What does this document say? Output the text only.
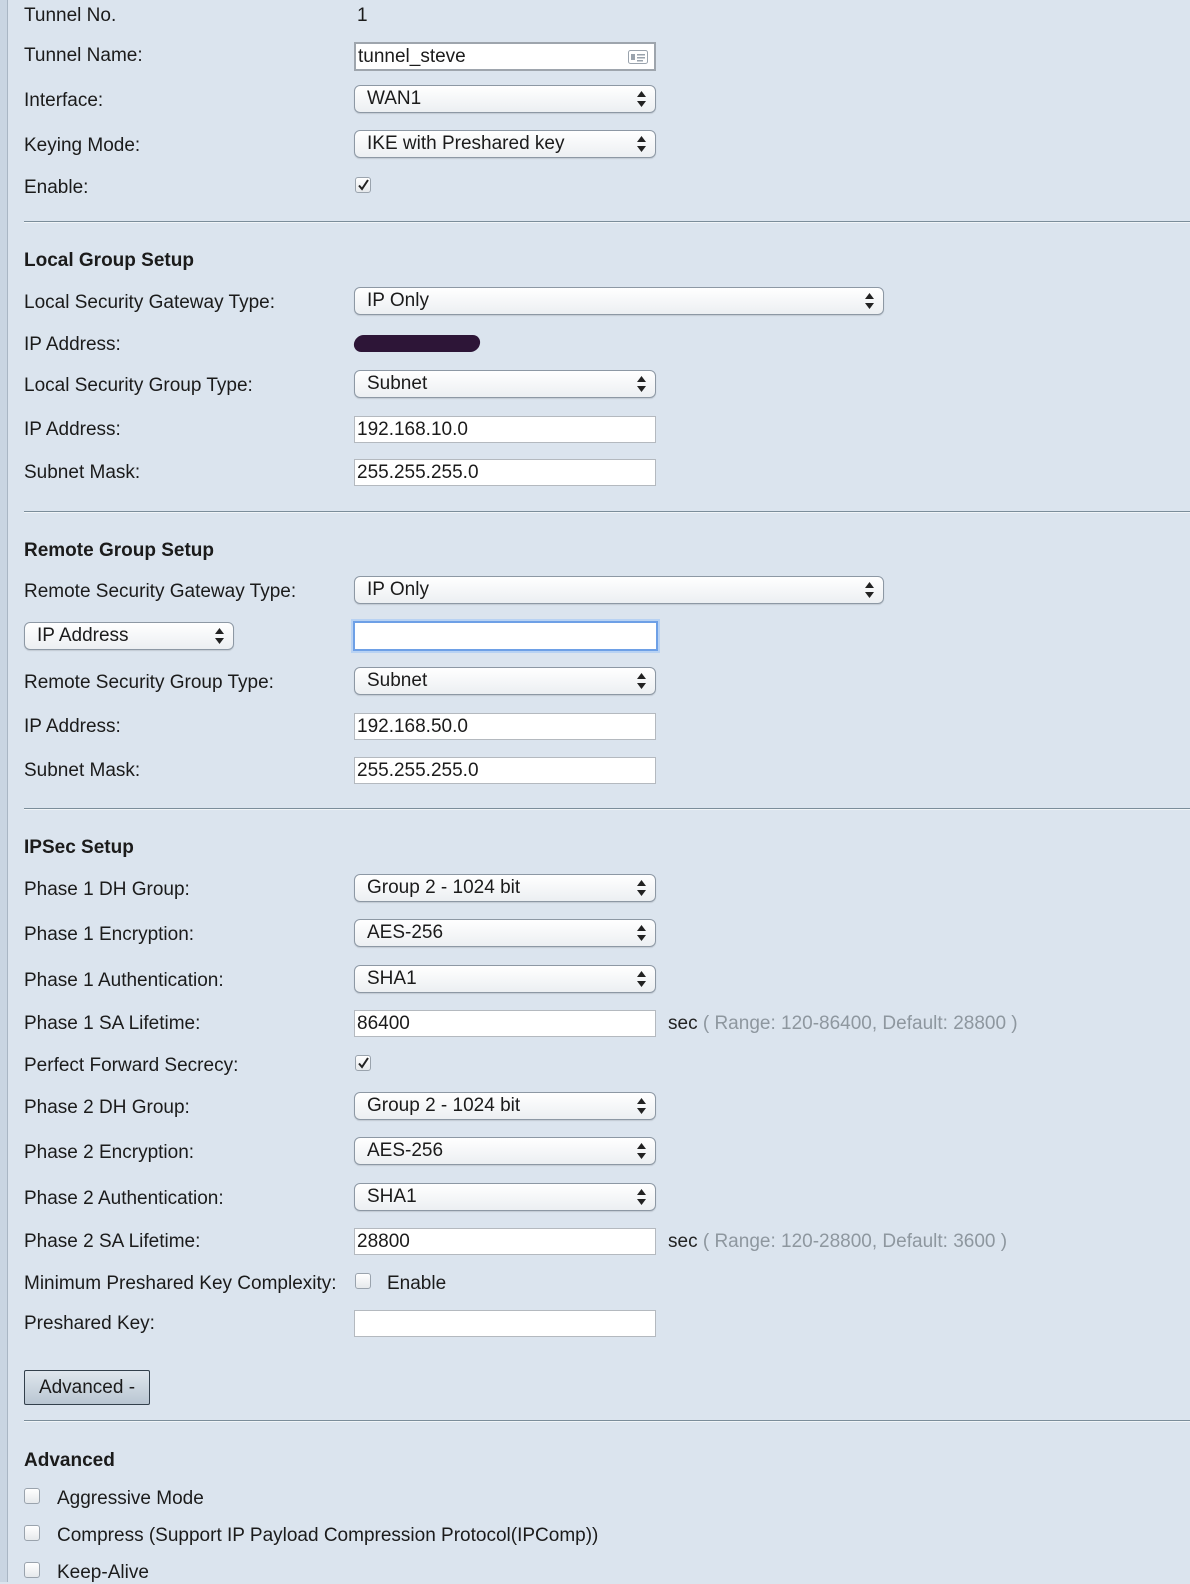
Tunnel No.	1
Tunnel Name:	tunnel_steve
Interface:	WAN1
Keying Mode:	IKE with Preshared key
Enable:
Local Group Setup
Local Security Gateway Type:	IP Only
IP Address:
Local Security Group Type:	Subnet
IP Address:	192.168.10.0
Subnet Mask:	255.255.255.0
Remote Group Setup
Remote Security Gateway Type:	IP Only
IP Address
Remote Security Group Type:	Subnet
IP Address:	192.168.50.0
Subnet Mask:	255.255.255.0
IPSec Setup
Phase 1 DH Group:	Group 2 - 1024 bit
Phase 1 Encryption:	AES-256
Phase 1 Authentication:	SHA1
Phase 1 SA Lifetime:	86400	sec ( Range: 120-86400, Default: 28800 )
Perfect Forward Secrecy:
Phase 2 DH Group:	Group 2 - 1024 bit
Phase 2 Encryption:	AES-256
Phase 2 Authentication:	SHA1
Phase 2 SA Lifetime:	28800	sec ( Range: 120-28800, Default: 3600 )
Minimum Preshared Key Complexity:	Enable
Preshared Key:
Advanced -
Advanced
Aggressive Mode
Compress (Support IP Payload Compression Protocol(IPComp))
Keep-Alive
